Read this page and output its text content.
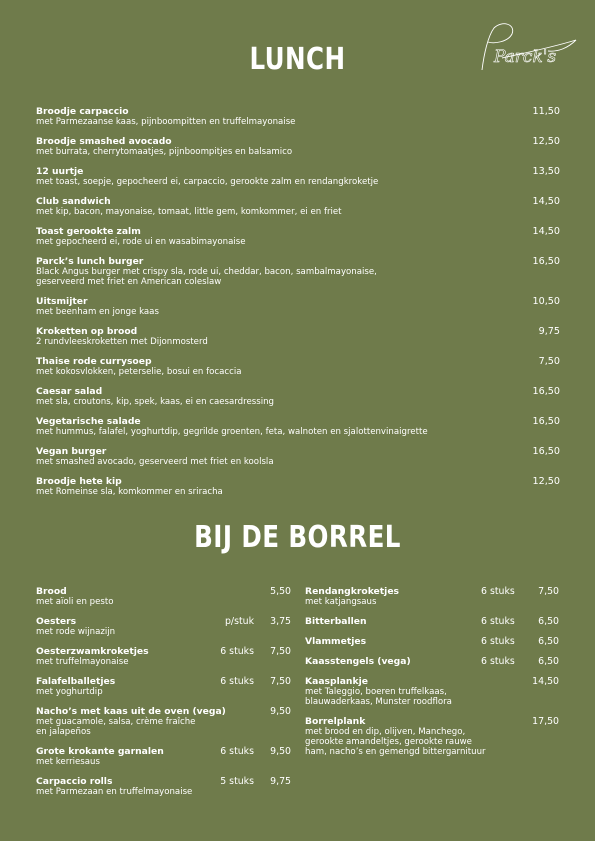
Parck's
LUNCH
Broodje carpaccio
met Parmezaanse kaas, pijnboompitten en truffelmayonaise
11,50
Broodje smashed avocado
met burrata, cherrytomaatjes, pijnboompitjes en balsamico
12,50
12 uurtje
met toast, soepje, gepocheerd ei, carpaccio, gerookte zalm en rendangkroketje
13,50
Club sandwich
met kip, bacon, mayonaise, tomaat, little gem, komkommer, ei en friet
14,50
Toast gerookte zalm
met gepocheerd ei, rode ui en wasabimayonaise
14,50
Parck’s lunch burger
Black Angus burger met crispy sla, rode ui, cheddar, bacon, sambalmayonaise,
geserveerd met friet en American coleslaw
16,50
Uitsmijter
met beenham en jonge kaas
10,50
Kroketten op brood
2 rundvleeskroketten met Dijonmosterd
9,75
Thaise rode currysoep
met kokosvlokken, peterselie, bosui en focaccia
7,50
Caesar salad
met sla, croutons, kip, spek, kaas, ei en caesardressing
16,50
Vegetarische salade
met hummus, falafel, yoghurtdip, gegrilde groenten, feta, walnoten en sjalottenvinaigrette
16,50
Vegan burger
met smashed avocado, geserveerd met friet en koolsla
16,50
Broodje hete kip
met Romeinse sla, komkommer en sriracha
12,50
BIJ DE BORREL
Brood
met aïoli en pesto
5,50
Oesters
met rode wijnazijn
p/stuk 3,75
Oesterzwamkroketjes
met truffelmayonaise
6 stuks 7,50
Falafelballetjes
met yoghurtdip
6 stuks 7,50
Nacho’s met kaas uit de oven (vega)
met guacamole, salsa, crème fraîche
en jalapeños
9,50
Grote krokante garnalen
met kerriesaus
6 stuks 9,50
Carpaccio rolls
met Parmezaan en truffelmayonaise
5 stuks 9,75
Rendangkroketjes
met katjangsaus
6 stuks 7,50
Bitterballen	6 stuks 6,50
Vlammetjes	6 stuks 6,50
Kaasstengels (vega)	6 stuks 6,50
Kaasplankje
met Taleggio, boeren truffelkaas,
blauwaderkaas, Munster roodflora
14,50
Borrelplank
met brood en dip, olijven, Manchego,
gerookte amandeltjes, gerookte rauwe
ham, nacho’s en gemengd bittergarnituur
17,50
